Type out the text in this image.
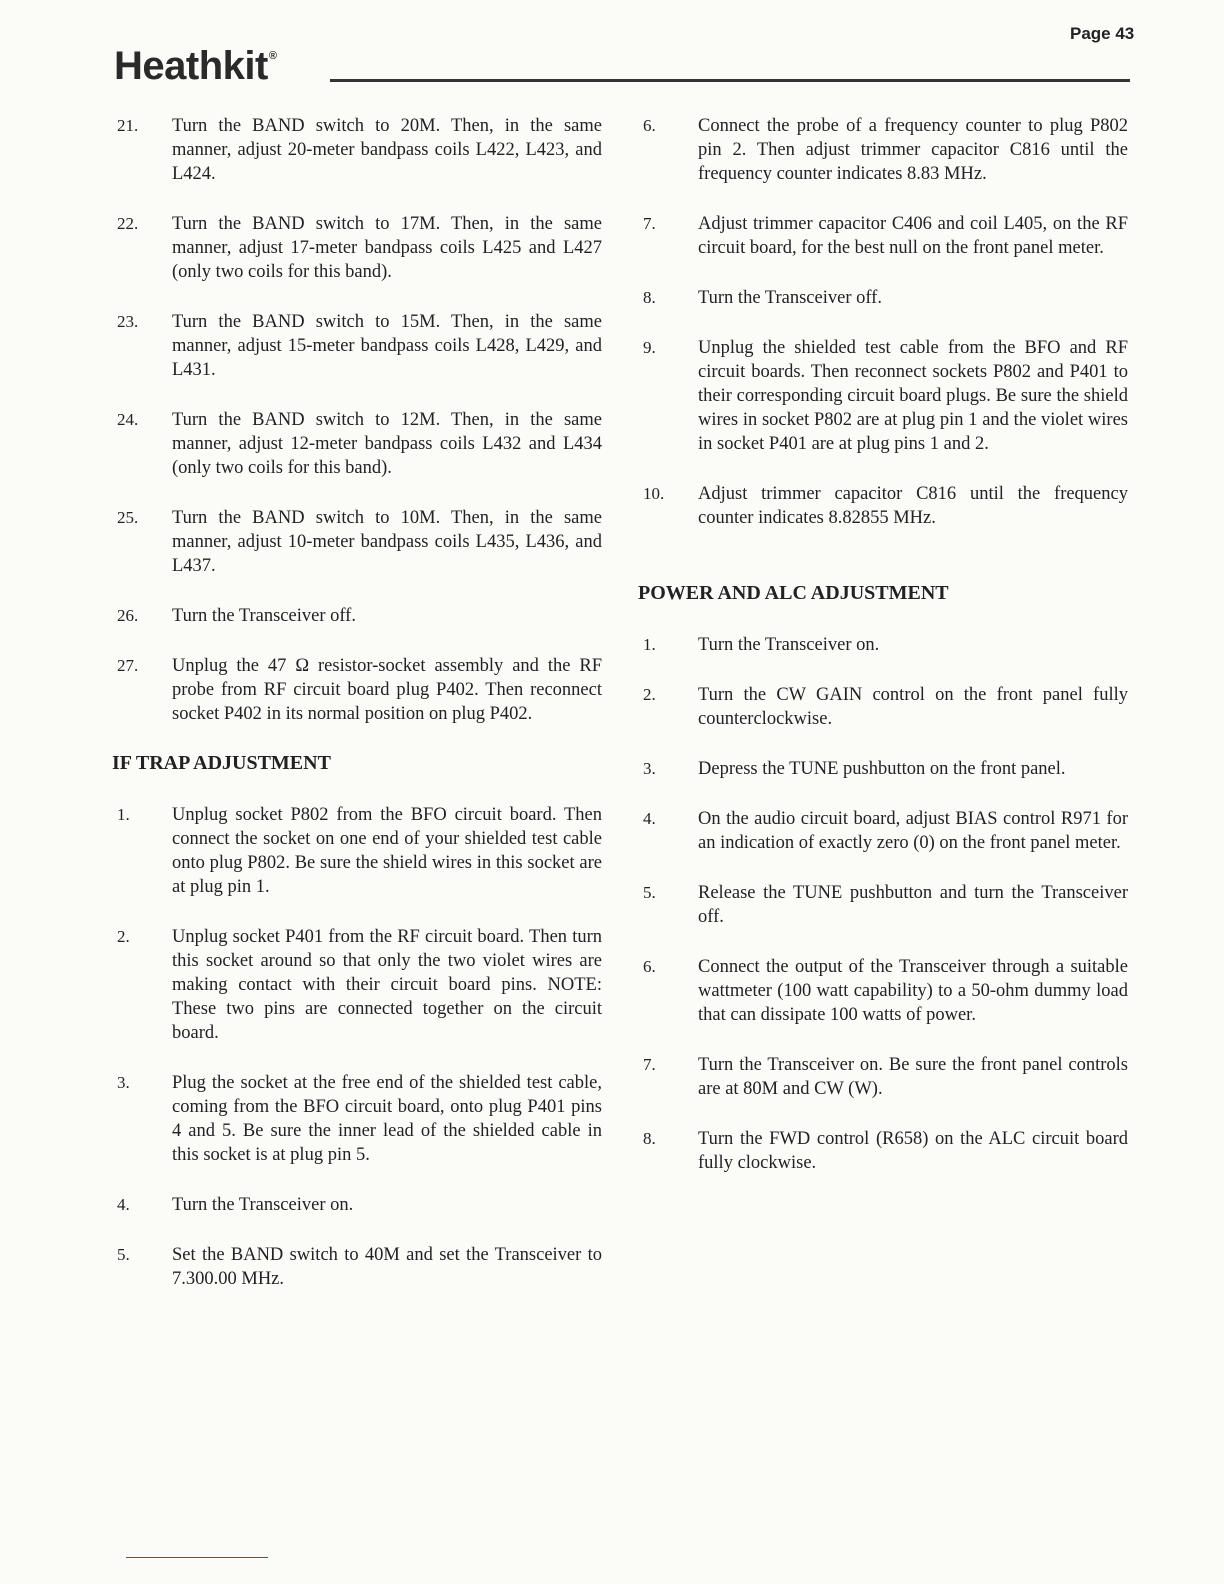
Page 43
Heathkit®
21. Turn the BAND switch to 20M. Then, in the same manner, adjust 20-meter bandpass coils L422, L423, and L424.
22. Turn the BAND switch to 17M. Then, in the same manner, adjust 17-meter bandpass coils L425 and L427 (only two coils for this band).
23. Turn the BAND switch to 15M. Then, in the same manner, adjust 15-meter bandpass coils L428, L429, and L431.
24. Turn the BAND switch to 12M. Then, in the same manner, adjust 12-meter bandpass coils L432 and L434 (only two coils for this band).
25. Turn the BAND switch to 10M. Then, in the same manner, adjust 10-meter bandpass coils L435, L436, and L437.
26. Turn the Transceiver off.
27. Unplug the 47 Ω resistor-socket assembly and the RF probe from RF circuit board plug P402. Then reconnect socket P402 in its normal position on plug P402.
IF TRAP ADJUSTMENT
1. Unplug socket P802 from the BFO circuit board. Then connect the socket on one end of your shielded test cable onto plug P802. Be sure the shield wires in this socket are at plug pin 1.
2. Unplug socket P401 from the RF circuit board. Then turn this socket around so that only the two violet wires are making contact with their circuit board pins. NOTE: These two pins are connected together on the circuit board.
3. Plug the socket at the free end of the shielded test cable, coming from the BFO circuit board, onto plug P401 pins 4 and 5. Be sure the inner lead of the shielded cable in this socket is at plug pin 5.
4. Turn the Transceiver on.
5. Set the BAND switch to 40M and set the Transceiver to 7.300.00 MHz.
6. Connect the probe of a frequency counter to plug P802 pin 2. Then adjust trimmer capacitor C816 until the frequency counter indicates 8.83 MHz.
7. Adjust trimmer capacitor C406 and coil L405, on the RF circuit board, for the best null on the front panel meter.
8. Turn the Transceiver off.
9. Unplug the shielded test cable from the BFO and RF circuit boards. Then reconnect sockets P802 and P401 to their corresponding circuit board plugs. Be sure the shield wires in socket P802 are at plug pin 1 and the violet wires in socket P401 are at plug pins 1 and 2.
10. Adjust trimmer capacitor C816 until the frequency counter indicates 8.82855 MHz.
POWER AND ALC ADJUSTMENT
1. Turn the Transceiver on.
2. Turn the CW GAIN control on the front panel fully counterclockwise.
3. Depress the TUNE pushbutton on the front panel.
4. On the audio circuit board, adjust BIAS control R971 for an indication of exactly zero (0) on the front panel meter.
5. Release the TUNE pushbutton and turn the Transceiver off.
6. Connect the output of the Transceiver through a suitable wattmeter (100 watt capability) to a 50-ohm dummy load that can dissipate 100 watts of power.
7. Turn the Transceiver on. Be sure the front panel controls are at 80M and CW (W).
8. Turn the FWD control (R658) on the ALC circuit board fully clockwise.
